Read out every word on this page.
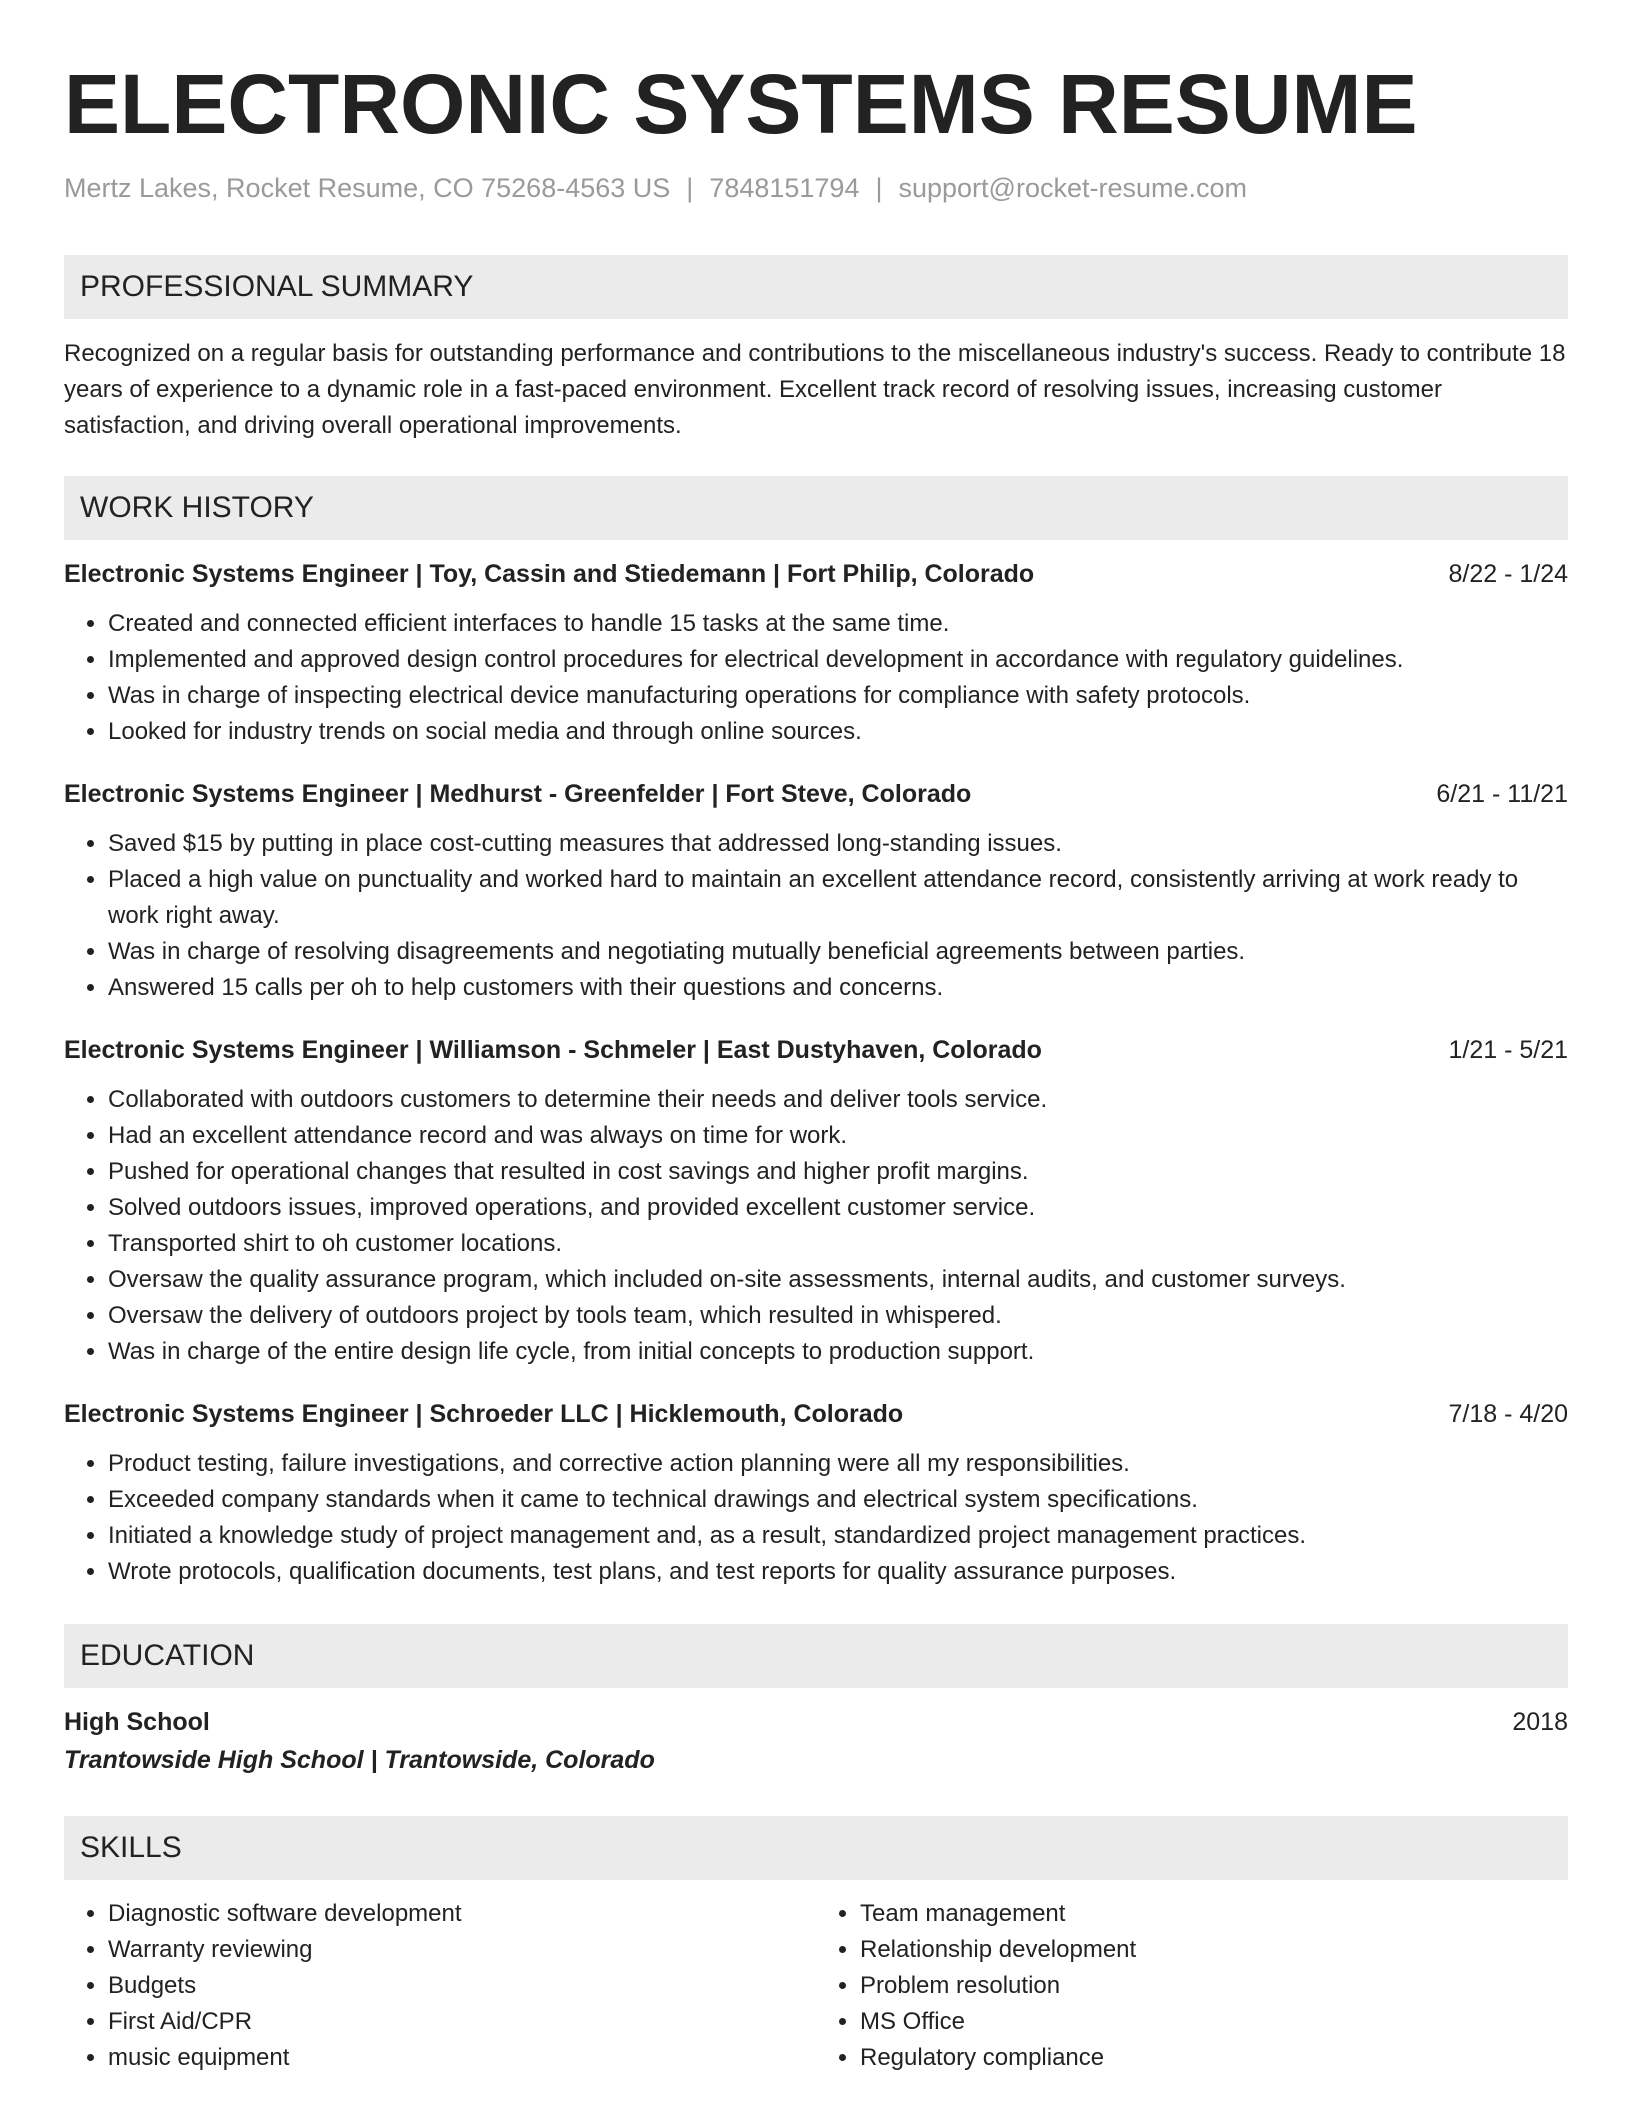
ELECTRONIC SYSTEMS RESUME
Mertz Lakes, Rocket Resume, CO 75268-4563 US | 7848151794 | support@rocket-resume.com
PROFESSIONAL SUMMARY
Recognized on a regular basis for outstanding performance and contributions to the miscellaneous industry's success. Ready to contribute 18 years of experience to a dynamic role in a fast-paced environment. Excellent track record of resolving issues, increasing customer satisfaction, and driving overall operational improvements.
WORK HISTORY
Electronic Systems Engineer | Toy, Cassin and Stiedemann | Fort Philip, Colorado	8/22 - 1/24
• Created and connected efficient interfaces to handle 15 tasks at the same time.
• Implemented and approved design control procedures for electrical development in accordance with regulatory guidelines.
• Was in charge of inspecting electrical device manufacturing operations for compliance with safety protocols.
• Looked for industry trends on social media and through online sources.
Electronic Systems Engineer | Medhurst - Greenfelder | Fort Steve, Colorado	6/21 - 11/21
• Saved $15 by putting in place cost-cutting measures that addressed long-standing issues.
• Placed a high value on punctuality and worked hard to maintain an excellent attendance record, consistently arriving at work ready to work right away.
• Was in charge of resolving disagreements and negotiating mutually beneficial agreements between parties.
• Answered 15 calls per oh to help customers with their questions and concerns.
Electronic Systems Engineer | Williamson - Schmeler | East Dustyhaven, Colorado	1/21 - 5/21
• Collaborated with outdoors customers to determine their needs and deliver tools service.
• Had an excellent attendance record and was always on time for work.
• Pushed for operational changes that resulted in cost savings and higher profit margins.
• Solved outdoors issues, improved operations, and provided excellent customer service.
• Transported shirt to oh customer locations.
• Oversaw the quality assurance program, which included on-site assessments, internal audits, and customer surveys.
• Oversaw the delivery of outdoors project by tools team, which resulted in whispered.
• Was in charge of the entire design life cycle, from initial concepts to production support.
Electronic Systems Engineer | Schroeder LLC | Hicklemouth, Colorado	7/18 - 4/20
• Product testing, failure investigations, and corrective action planning were all my responsibilities.
• Exceeded company standards when it came to technical drawings and electrical system specifications.
• Initiated a knowledge study of project management and, as a result, standardized project management practices.
• Wrote protocols, qualification documents, test plans, and test reports for quality assurance purposes.
EDUCATION
High School	2018
Trantowside High School | Trantowside, Colorado
SKILLS
• Diagnostic software development
• Warranty reviewing
• Budgets
• First Aid/CPR
• music equipment
• Team management
• Relationship development
• Problem resolution
• MS Office
• Regulatory compliance
